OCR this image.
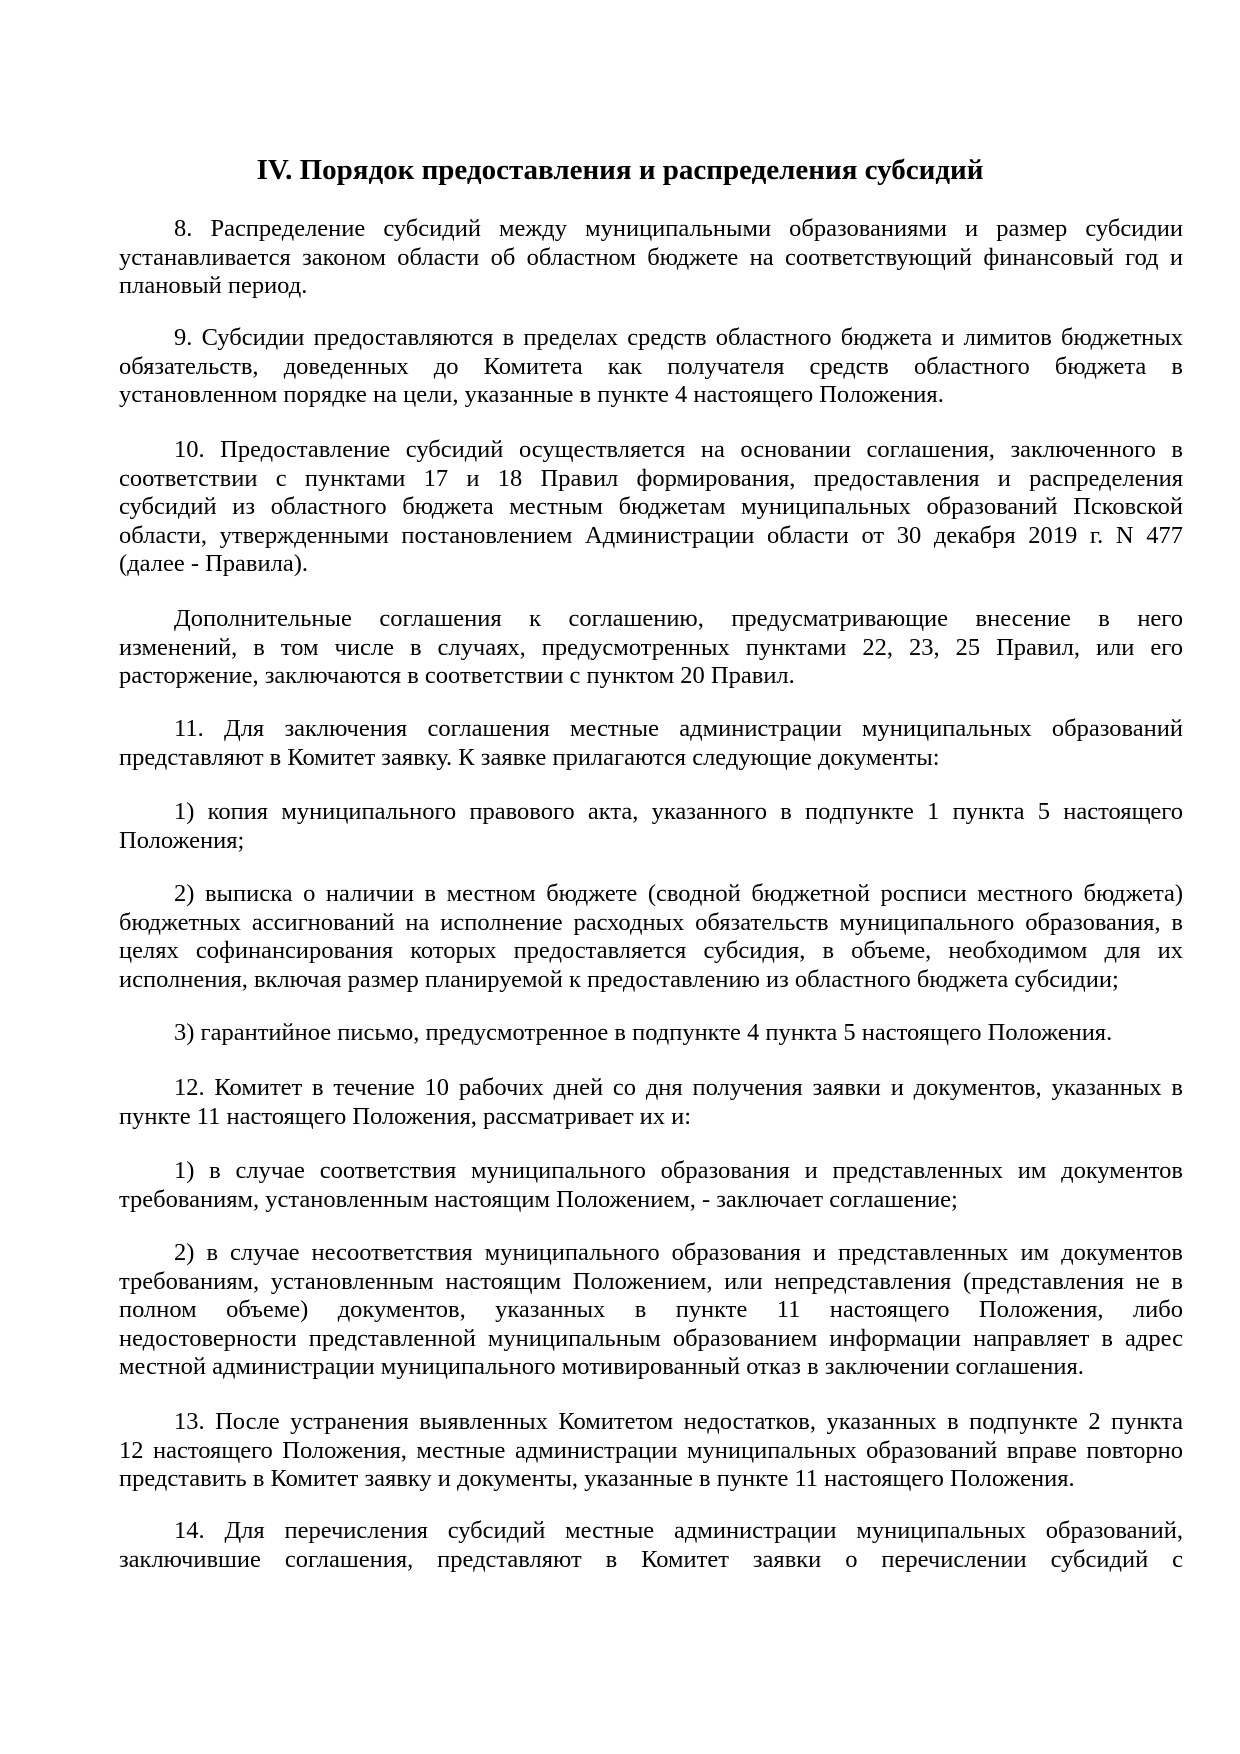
IV. Порядок предоставления и распределения субсидий
8. Распределение субсидий между муниципальными образованиями и размер субсидии
устанавливается законом области об областном бюджете на соответствующий финансовый год и
плановый период.
9. Субсидии предоставляются в пределах средств областного бюджета и лимитов бюджетных
обязательств, доведенных до Комитета как получателя средств областного бюджета в
установленном порядке на цели, указанные в пункте 4 настоящего Положения.
10. Предоставление субсидий осуществляется на основании соглашения, заключенного в
соответствии с пунктами 17 и 18 Правил формирования, предоставления и распределения
субсидий из областного бюджета местным бюджетам муниципальных образований Псковской
области, утвержденными постановлением Администрации области от 30 декабря 2019 г. N 477
(далее - Правила).
Дополнительные соглашения к соглашению, предусматривающие внесение в него
изменений, в том числе в случаях, предусмотренных пунктами 22, 23, 25 Правил, или его
расторжение, заключаются в соответствии с пунктом 20 Правил.
11. Для заключения соглашения местные администрации муниципальных образований
представляют в Комитет заявку. К заявке прилагаются следующие документы:
1) копия муниципального правового акта, указанного в подпункте 1 пункта 5 настоящего
Положения;
2) выписка о наличии в местном бюджете (сводной бюджетной росписи местного бюджета)
бюджетных ассигнований на исполнение расходных обязательств муниципального образования, в
целях софинансирования которых предоставляется субсидия, в объеме, необходимом для их
исполнения, включая размер планируемой к предоставлению из областного бюджета субсидии;
3) гарантийное письмо, предусмотренное в подпункте 4 пункта 5 настоящего Положения.
12. Комитет в течение 10 рабочих дней со дня получения заявки и документов, указанных в
пункте 11 настоящего Положения, рассматривает их и:
1) в случае соответствия муниципального образования и представленных им документов
требованиям, установленным настоящим Положением, - заключает соглашение;
2) в случае несоответствия муниципального образования и представленных им документов
требованиям, установленным настоящим Положением, или непредставления (представления не в
полном объеме) документов, указанных в пункте 11 настоящего Положения, либо
недостоверности представленной муниципальным образованием информации направляет в адрес
местной администрации муниципального мотивированный отказ в заключении соглашения.
13. После устранения выявленных Комитетом недостатков, указанных в подпункте 2 пункта
12 настоящего Положения, местные администрации муниципальных образований вправе повторно
представить в Комитет заявку и документы, указанные в пункте 11 настоящего Положения.
14. Для перечисления субсидий местные администрации муниципальных образований,
заключившие соглашения, представляют в Комитет заявки о перечислении субсидий с
